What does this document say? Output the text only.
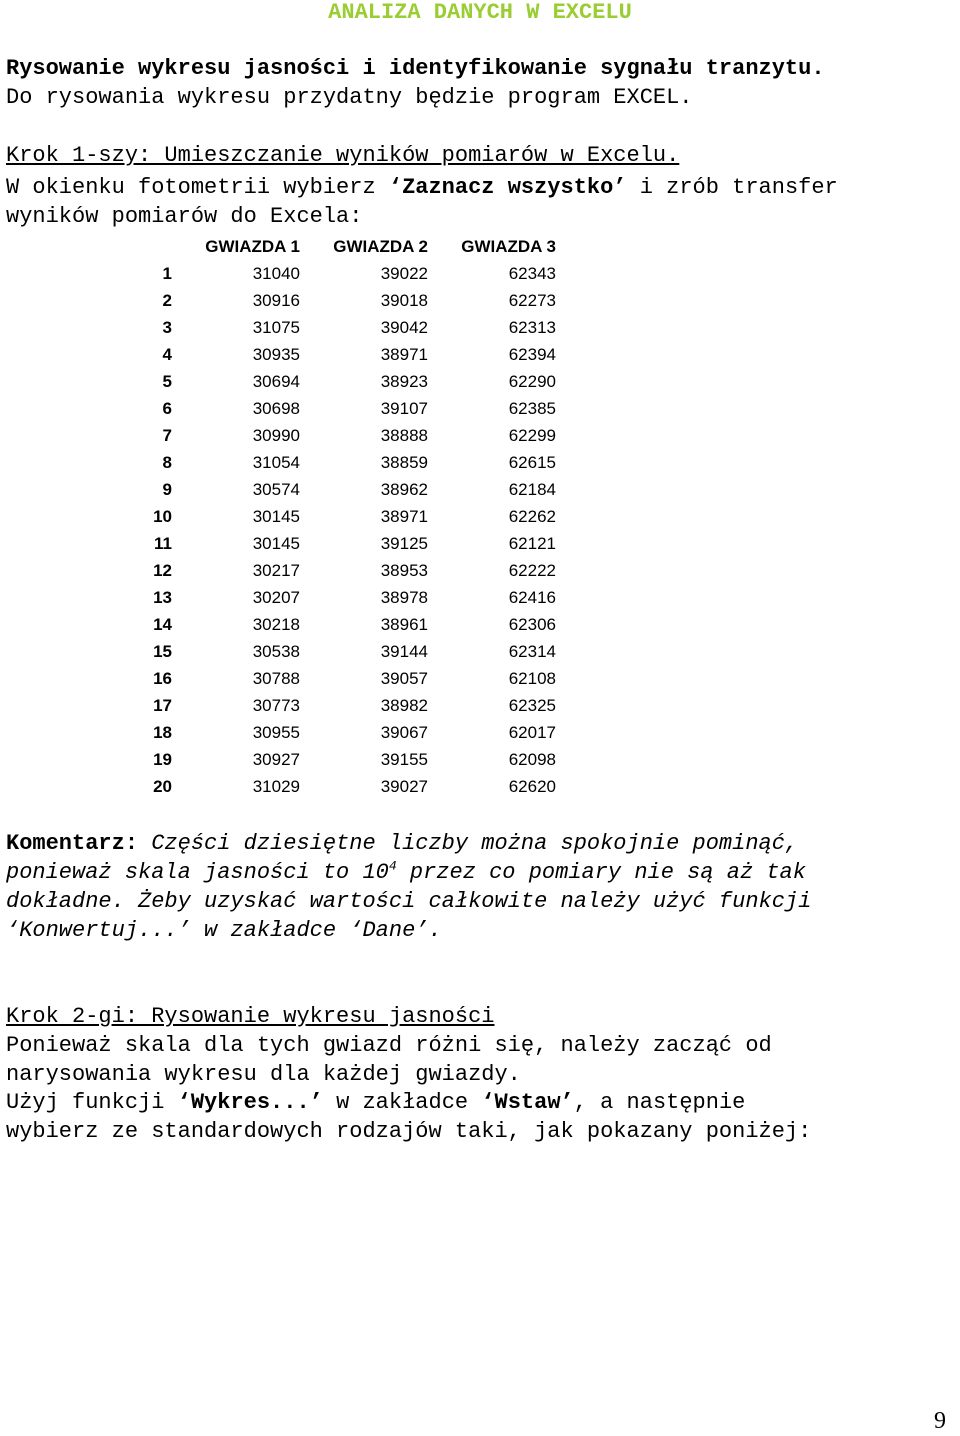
ANALIZA DANYCH W EXCELU
Rysowanie wykresu jasności i identyfikowanie sygnału tranzytu.
Do rysowania wykresu przydatny będzie program EXCEL.
Krok 1-szy: Umieszczanie wyników pomiarów w Excelu.
W okienku fotometrii wybierz ‘Zaznacz wszystko’ i zrób transfer
wyników pomiarów do Excela:
	GWIAZDA 1	GWIAZDA 2	GWIAZDA 3
1	31040	39022	62343
2	30916	39018	62273
3	31075	39042	62313
4	30935	38971	62394
5	30694	38923	62290
6	30698	39107	62385
7	30990	38888	62299
8	31054	38859	62615
9	30574	38962	62184
10	30145	38971	62262
11	30145	39125	62121
12	30217	38953	62222
13	30207	38978	62416
14	30218	38961	62306
15	30538	39144	62314
16	30788	39057	62108
17	30773	38982	62325
18	30955	39067	62017
19	30927	39155	62098
20	31029	39027	62620
Komentarz: Części dziesiętne liczby można spokojnie pominąć,
ponieważ skala jasności to $10^4$ przez co pomiary nie są aż tak
dokładne. Żeby uzyskać wartości całkowite należy użyć funkcji
‘Konwertuj...’ w zakładce ‘Dane’.
Krok 2-gi: Rysowanie wykresu jasności
Ponieważ skala dla tych gwiazd różni się, należy zacząć od
narysowania wykresu dla każdej gwiazdy.
Użyj funkcji ‘Wykres...’ w zakładce ‘Wstaw’, a następnie
wybierz ze standardowych rodzajów taki, jak pokazany poniżej:
9
